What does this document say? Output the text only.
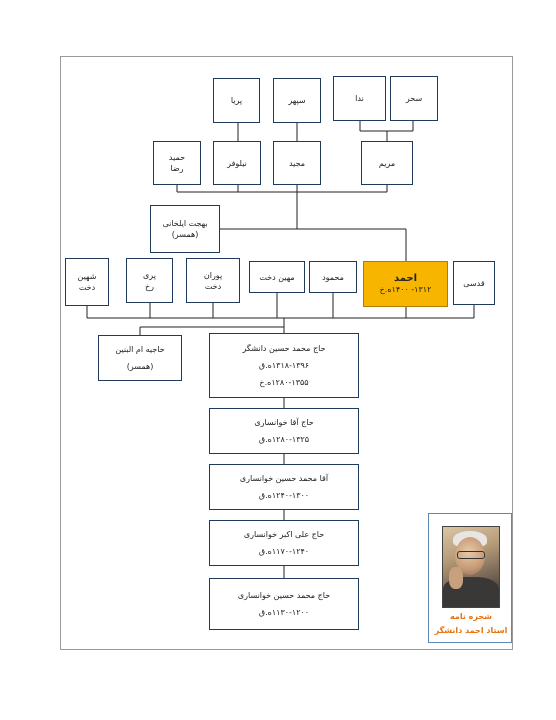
پریا	سپهر	ندا	سحر
حمید
رضا
نیلوفر	مجید	مریم
بهجت ایلخانی
(همسر)
شهین
دخت
پری
رخ
پوران
دخت
مهین دخت	محمود	احمد
۱۳۱۲- ۱۴۰۰ه.خ
قدسی
حاجیه ام البنین
(همسر)
حاج محمد حسین دانشگر
۱۳۱۸-۱۳۹۶ه.ق
۱۲۸۰-۱۳۵۵ه.خ
حاج آقا خوانساری
۱۲۸۰-۱۳۲۵ه.ق
آقا محمد حسین خوانساری
۱۲۴۰-۱۳۰۰ه.ق
حاج علی اکبر خوانساری
۱۱۷۰-۱۲۴۰ه.ق
حاج محمد حسین خوانساری
۱۱۳۰-۱۲۰۰ه.ق	شجره نامه
استاد احمد دانشگر
